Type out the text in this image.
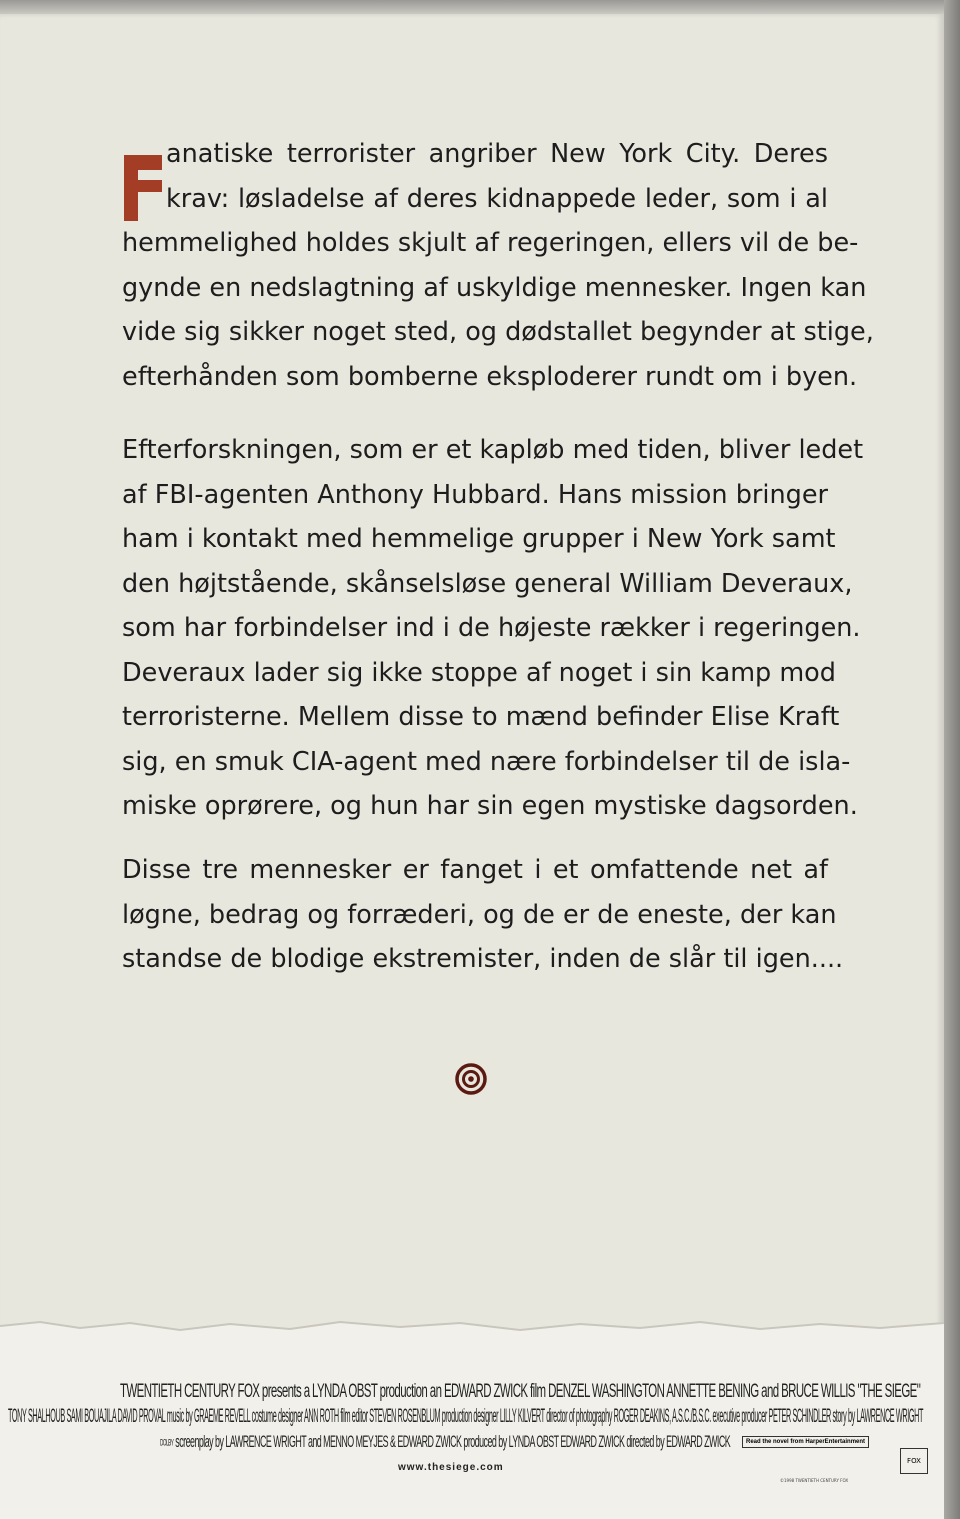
anatiske terrorister angriber New York City. Deres
krav: løsladelse af deres kidnappede leder, som i al
hemmelighed holdes skjult af regeringen, ellers vil de be-
gynde en nedslagtning af uskyldige mennesker. Ingen kan
vide sig sikker noget sted, og dødstallet begynder at stige,
efterhånden som bomberne eksploderer rundt om i byen.
Efterforskningen, som er et kapløb med tiden, bliver ledet
af FBI-agenten Anthony Hubbard. Hans mission bringer
ham i kontakt med hemmelige grupper i New York samt
den højtstående, skånselsløse general William Deveraux,
som har forbindelser ind i de højeste rækker i regeringen.
Deveraux lader sig ikke stoppe af noget i sin kamp mod
terroristerne. Mellem disse to mænd befinder Elise Kraft
sig, en smuk CIA-agent med nære forbindelser til de isla-
miske oprørere, og hun har sin egen mystiske dagsorden.
Disse tre mennesker er fanget i et omfattende net af
løgne, bedrag og forræderi, og de er de eneste, der kan
standse de blodige ekstremister, inden de slår til igen....
TWENTIETH CENTURY FOX presents a LYNDA OBST production an EDWARD ZWICK film DENZEL WASHINGTON ANNETTE BENING and BRUCE WILLIS "THE SIEGE"
TONY SHALHOUB SAMI BOUAJILA DAVID PROVAL music by GRAEME REVELL costume designer ANN ROTH film editor STEVEN ROSENBLUM production designer LILLY KILVERT director of photography ROGER DEAKINS, A.S.C./B.S.C. executive producer PETER SCHINDLER story by LAWRENCE WRIGHT
DOLBY screenplay by LAWRENCE WRIGHT and MENNO MEYJES & EDWARD ZWICK produced by LYNDA OBST EDWARD ZWICK directed by EDWARD ZWICK
www.thesiege.com
Read the novel from HarperEntertainment
FOX
©1998 TWENTIETH CENTURY FOX
